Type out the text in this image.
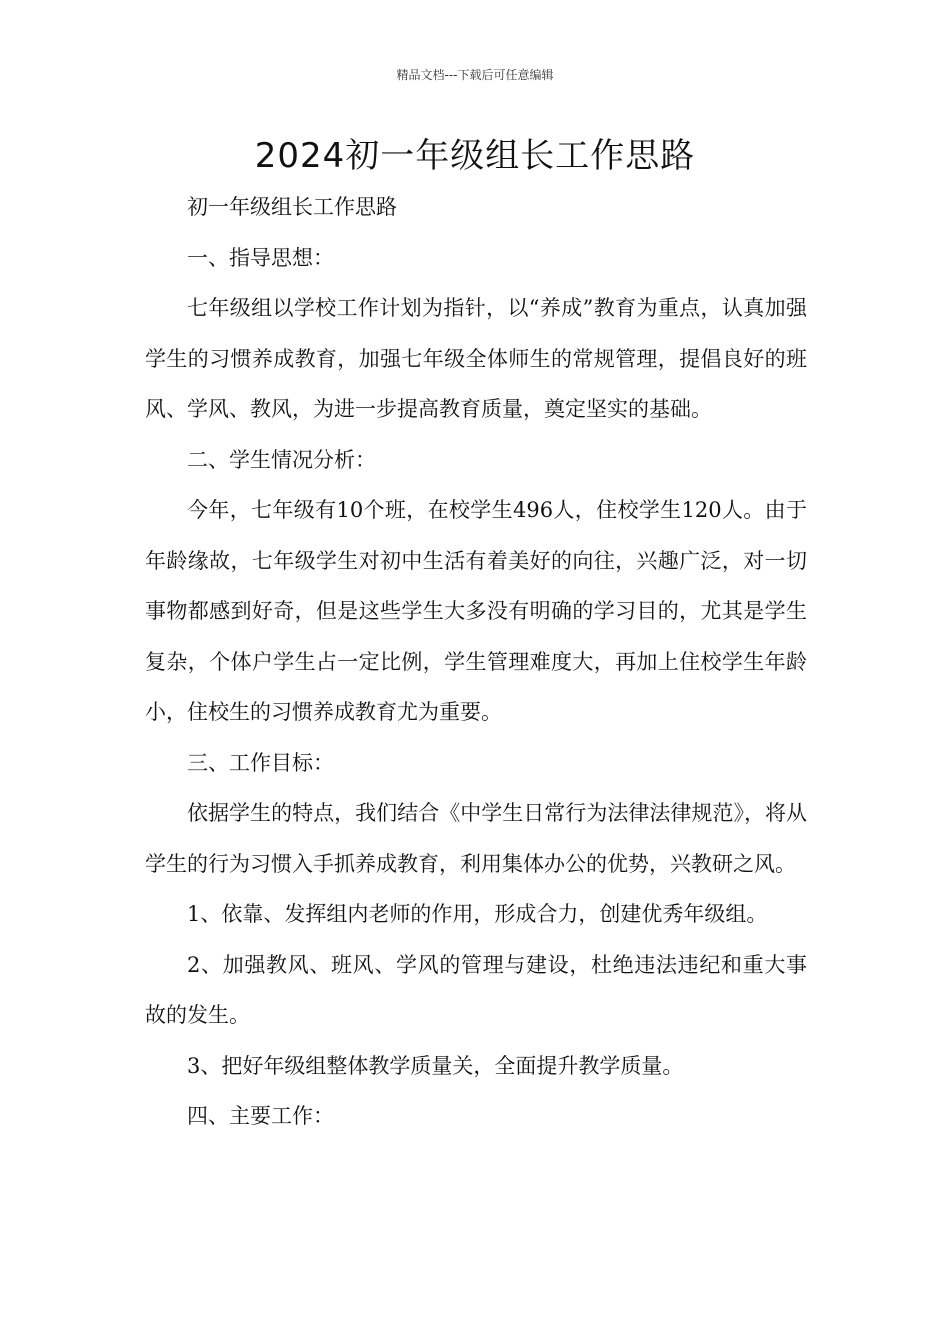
精品文档---下载后可任意编辑
2024初一年级组长工作思路

初一年级组长工作思路

一、指导思想：

七年级组以学校工作计划为指针，以“养成”教育为重点，认真加强学生的习惯养成教育，加强七年级全体师生的常规管理，提倡良好的班风、学风、教风，为进一步提高教育质量，奠定坚实的基础。

二、学生情况分析：

今年，七年级有10个班，在校学生496人，住校学生120人。由于年龄缘故，七年级学生对初中生活有着美好的向往，兴趣广泛，对一切事物都感到好奇，但是这些学生大多没有明确的学习目的，尤其是学生复杂，个体户学生占一定比例，学生管理难度大，再加上住校学生年龄小，住校生的习惯养成教育尤为重要。

三、工作目标：

依据学生的特点，我们结合《中学生日常行为法律法律规范》，将从学生的行为习惯入手抓养成教育，利用集体办公的优势，兴教研之风。

1、依靠、发挥组内老师的作用，形成合力，创建优秀年级组。

2、加强教风、班风、学风的管理与建设，杜绝违法违纪和重大事故的发生。

3、把好年级组整体教学质量关，全面提升教学质量。

四、主要工作：
